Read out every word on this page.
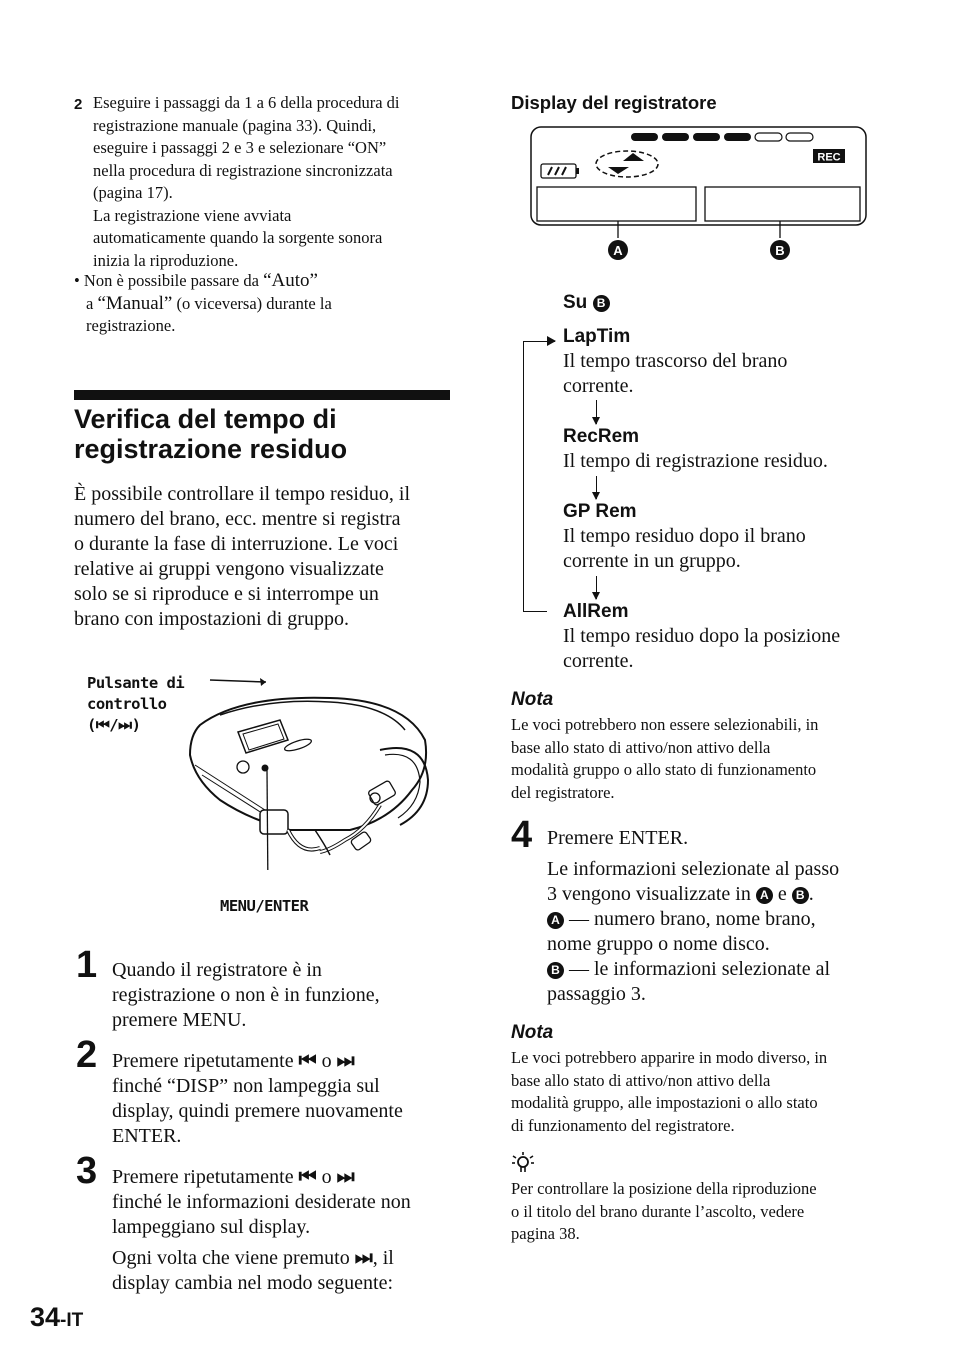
2 Eseguire i passaggi da 1 a 6 della procedura di
registrazione manuale (pagina 33). Quindi,
eseguire i passaggi 2 e 3 e selezionare “ON”
nella procedura di registrazione sincronizzata
(pagina 17).
La registrazione viene avviata
automaticamente quando la sorgente sonora
inizia la riproduzione.
• Non è possibile passare da “Auto”
a “Manual” (o viceversa) durante la
registrazione.
Verifica del tempo di
registrazione residuo
È possibile controllare il tempo residuo, il
numero del brano, ecc. mentre si registra
o durante la fase di interruzione. Le voci
relative ai gruppi vengono visualizzate
solo se si riproduce e si interrompe un
brano con impostazioni di gruppo.
Pulsante di
controllo
(⏮/⏭)
MENU/ENTER
1 Quando il registratore è in
registrazione o non è in funzione,
premere MENU.
2 Premere ripetutamente ⏮ o ⏭
finché “DISP” non lampeggia sul
display, quindi premere nuovamente
ENTER.
3 Premere ripetutamente ⏮ o ⏭
finché le informazioni desiderate non
lampeggiano sul display.
Ogni volta che viene premuto ⏭, il
display cambia nel modo seguente:
34-IT
Display del registratore
REC
A	B
Su B
LapTim
Il tempo trascorso del brano
corrente.
RecRem
Il tempo di registrazione residuo.
GP Rem
Il tempo residuo dopo il brano
corrente in un gruppo.
AllRem
Il tempo residuo dopo la posizione
corrente.
Nota
Le voci potrebbero non essere selezionabili, in
base allo stato di attivo/non attivo della
modalità gruppo o allo stato di funzionamento
del registratore.
4 Premere ENTER.
Le informazioni selezionate al passo
3 vengono visualizzate in A e B .
A — numero brano, nome brano,
nome gruppo o nome disco.
B — le informazioni selezionate al
passaggio 3.
Nota
Le voci potrebbero apparire in modo diverso, in
base allo stato di attivo/non attivo della
modalità gruppo, alle impostazioni o allo stato
di funzionamento del registratore.
Per controllare la posizione della riproduzione
o il titolo del brano durante l’ascolto, vedere
pagina 38.
